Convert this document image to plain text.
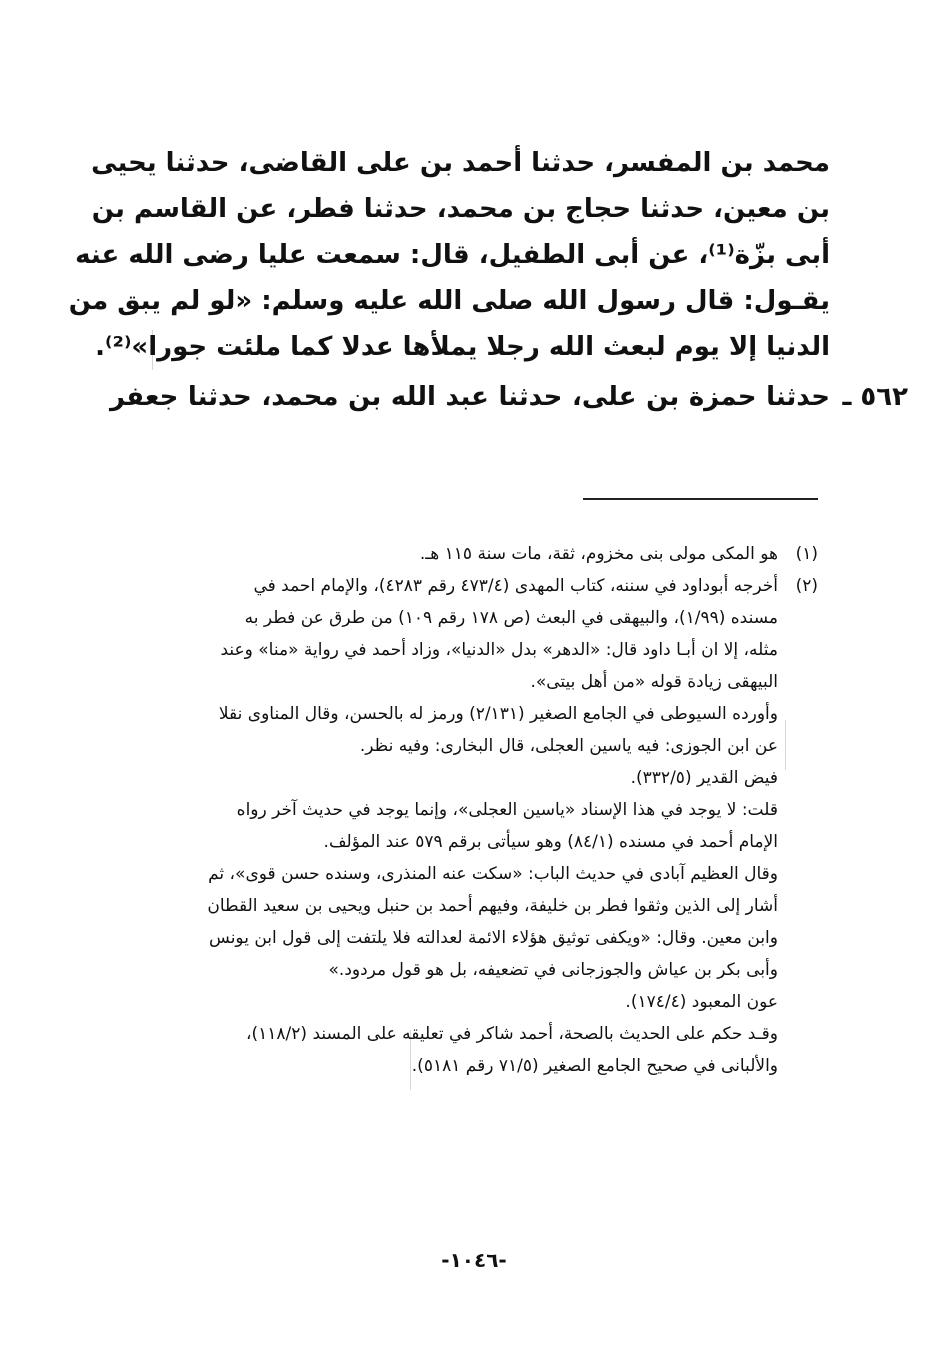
محمد بن المفسر، حدثنا أحمد بن على القاضى، حدثنا يحيى
بن معين، حدثنا حجاج بن محمد، حدثنا فطر، عن القاسم بن
أبى بزّة⁽¹⁾، عن أبى الطفيل، قال: سمعت عليا رضى الله عنه
يقـول: قال رسول الله صلى الله عليه وسلم: «لو لم يبق من
الدنيا إلا يوم لبعث الله رجلا يملأها عدلا كما ملئت جورا»⁽²⁾.
حدثنا حمزة بن على، حدثنا عبد الله بن محمد، حدثنا جعفر ٥٦٢ ـ
(١)
هو المكى مولى بنى مخزوم، ثقة، مات سنة ١١٥ هـ.
(٢)
أخرجه أبوداود في سننه، كتاب المهدى (٤٧٣/٤ رقم ٤٢٨٣)، والإمام احمد في
مسنده (١/٩٩)، والبيهقى في البعث (ص ١٧٨ رقم ١٠٩) من طرق عن فطر به
مثله، إلا ان أبـا داود قال: «الدهر» بدل «الدنيا»، وزاد أحمد في رواية «منا» وعند
البيهقى زيادة قوله «من أهل بيتى».
وأورده السيوطى في الجامع الصغير (٢/١٣١) ورمز له بالحسن، وقال المناوى نقلا
عن ابن الجوزى: فيه ياسين العجلى، قال البخارى: وفيه نظر.
فيض القدير (٣٣٢/٥).
قلت: لا يوجد في هذا الإسناد «ياسين العجلى»، وإنما يوجد في حديث آخر رواه
الإمام أحمد في مسنده (٨٤/١) وهو سيأتى برقم ٥٧٩ عند المؤلف.
وقال العظيم آبادى في حديث الباب: «سكت عنه المنذرى، وسنده حسن قوى»، ثم
أشار إلى الذين وثقوا فطر بن خليفة، وفيهم أحمد بن حنبل ويحيى بن سعيد القطان
وابن معين. وقال: «ويكفى توثيق هؤلاء الائمة لعدالته فلا يلتفت إلى قول ابن يونس
وأبى بكر بن عياش والجوزجانى في تضعيفه، بل هو قول مردود.»
عون المعبود (١٧٤/٤).
وقـد حكم على الحديث بالصحة، أحمد شاكر في تعليقه على المسند (١١٨/٢)،
والألبانى في صحيح الجامع الصغير (٧١/٥ رقم ٥١٨١).
-١٠٤٦-
